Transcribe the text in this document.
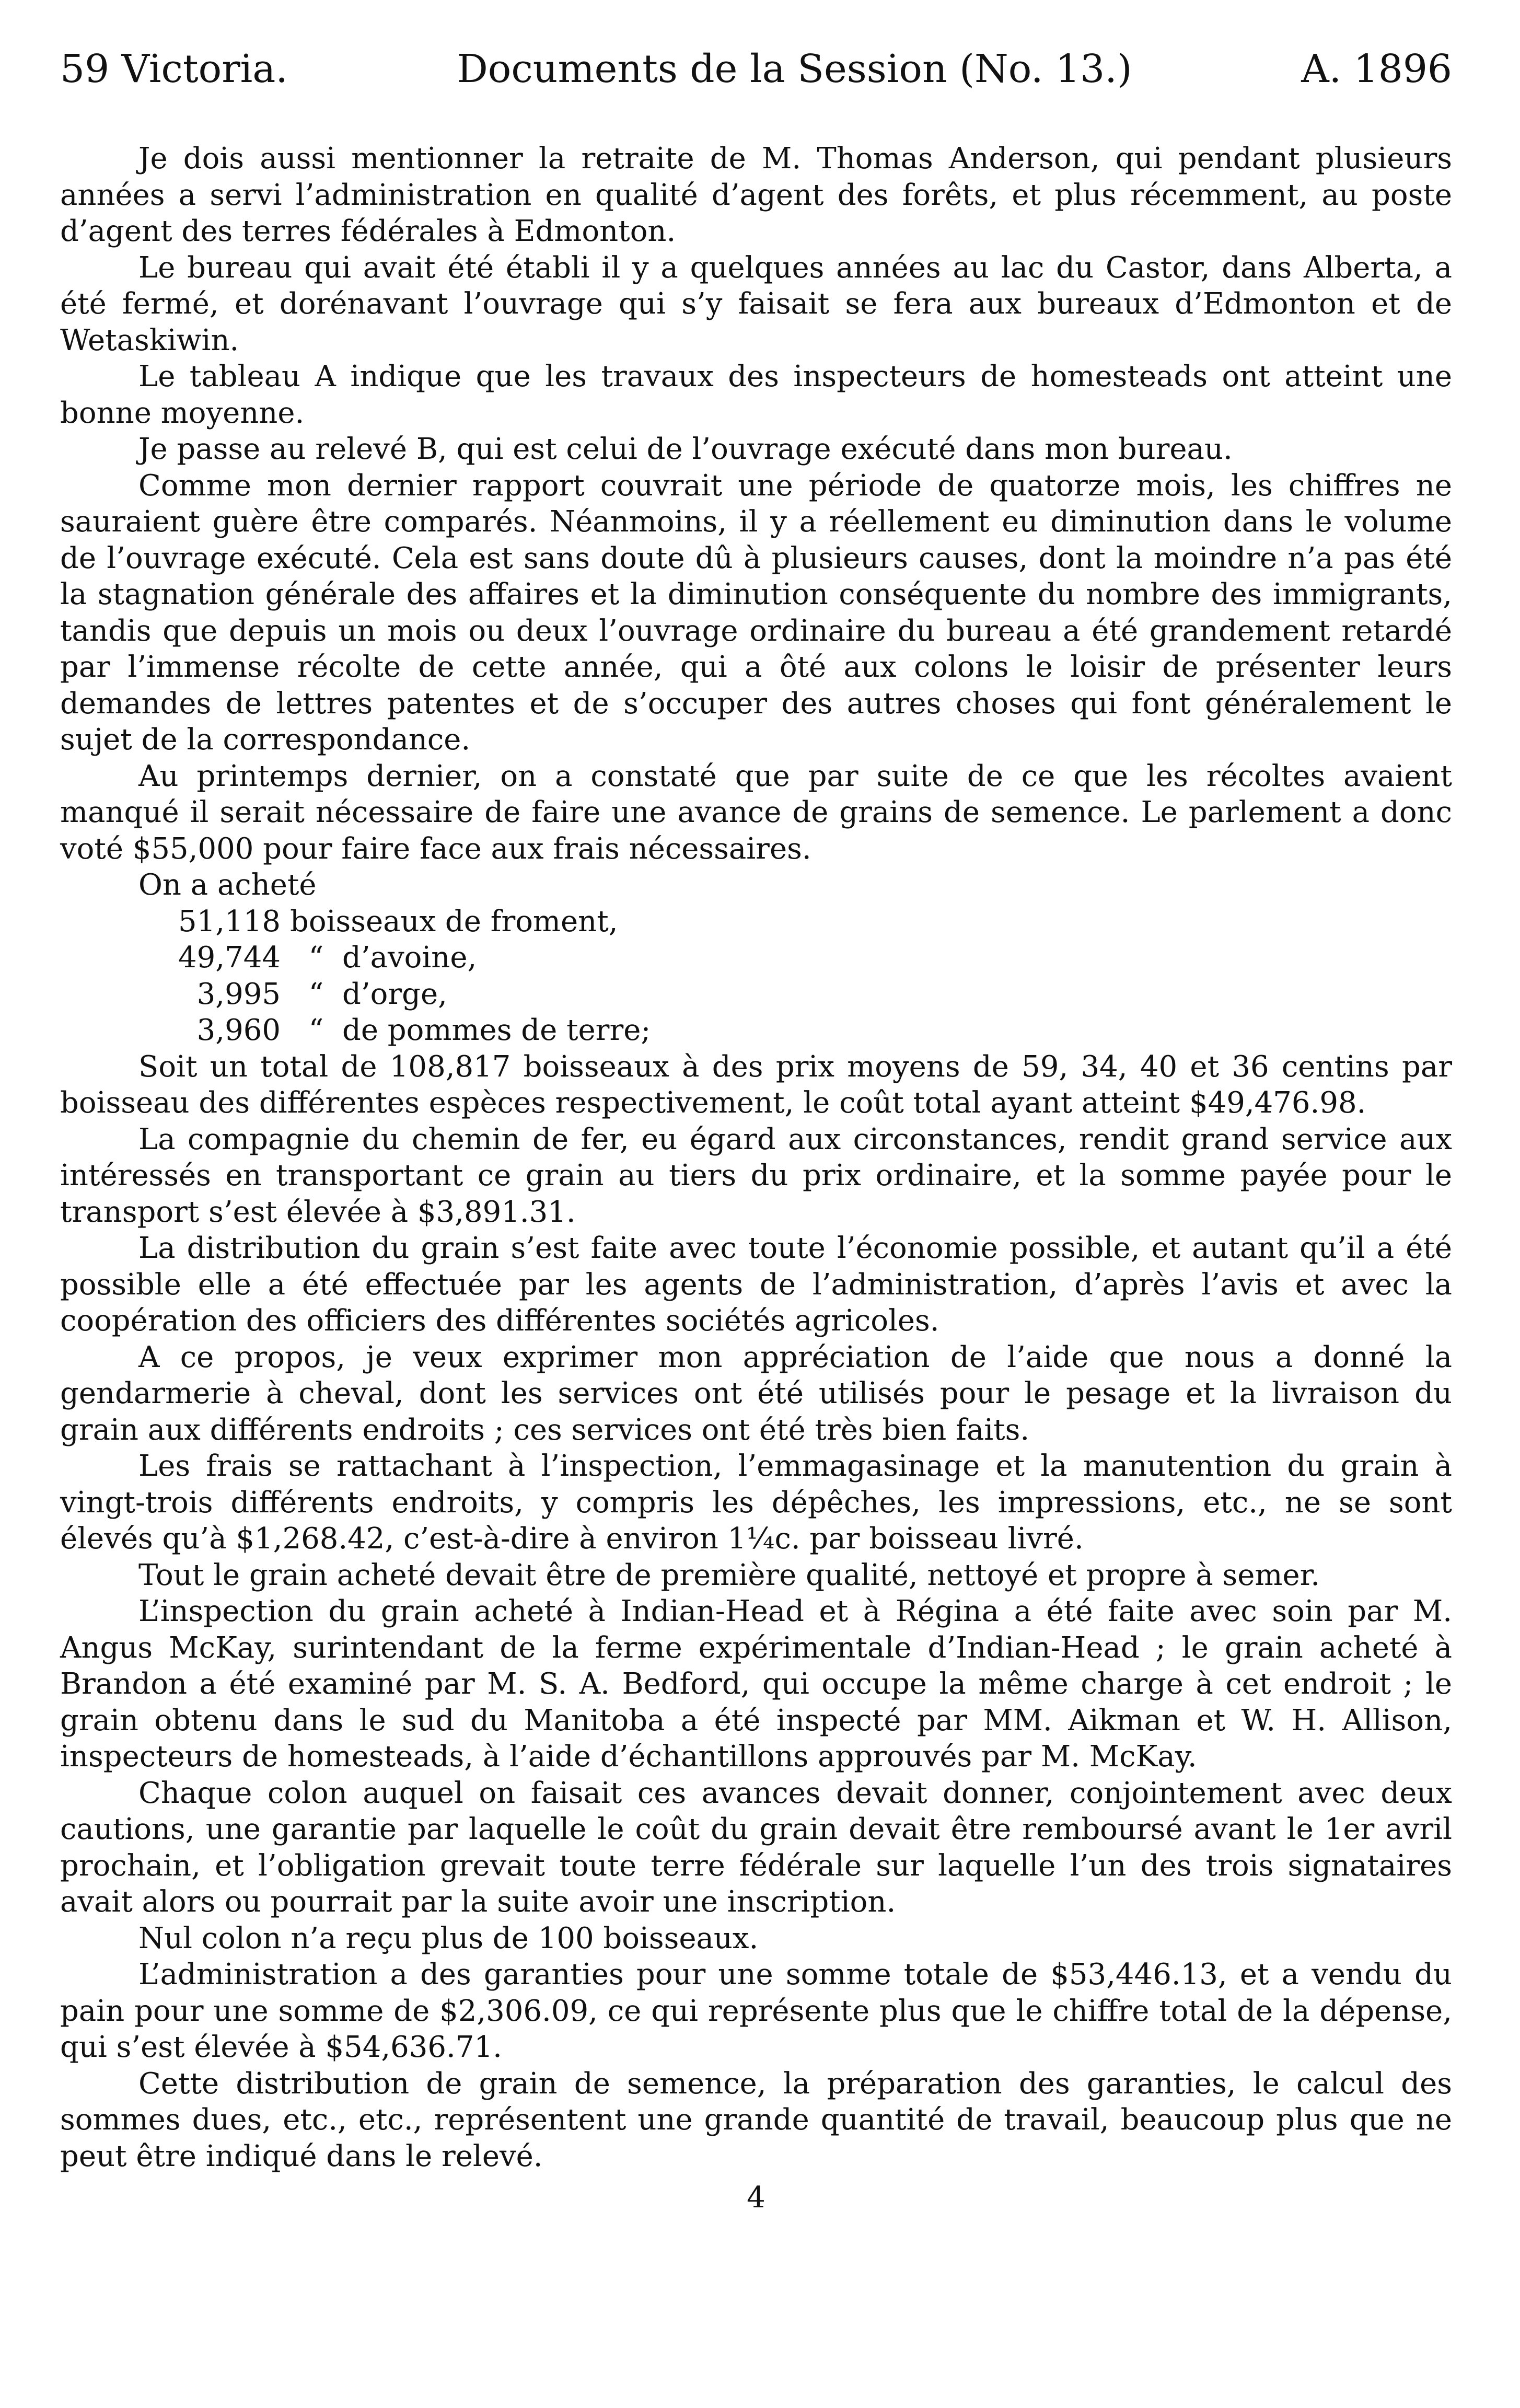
59 Victoria.	Documents de la Session (No. 13.)	A. 1896

Je dois aussi mentionner la retraite de M. Thomas Anderson, qui pendant plusieurs années a servi l’administration en qualité d’agent des forêts, et plus récemment, au poste d’agent des terres fédérales à Edmonton.

Le bureau qui avait été établi il y a quelques années au lac du Castor, dans Alberta, a été fermé, et dorénavant l’ouvrage qui s’y faisait se fera aux bureaux d’Edmonton et de Wetaskiwin.

Le tableau A indique que les travaux des inspecteurs de homesteads ont atteint une bonne moyenne.

Je passe au relevé B, qui est celui de l’ouvrage exécuté dans mon bureau.

Comme mon dernier rapport couvrait une période de quatorze mois, les chiffres ne sauraient guère être comparés. Néanmoins, il y a réellement eu diminution dans le volume de l’ouvrage exécuté. Cela est sans doute dû à plusieurs causes, dont la moindre n’a pas été la stagnation générale des affaires et la diminution conséquente du nombre des immigrants, tandis que depuis un mois ou deux l’ouvrage ordinaire du bureau a été grandement retardé par l’immense récolte de cette année, qui a ôté aux colons le loisir de présenter leurs demandes de lettres patentes et de s’occuper des autres choses qui font généralement le sujet de la correspondance.

Au printemps dernier, on a constaté que par suite de ce que les récoltes avaient manqué il serait nécessaire de faire une avance de grains de semence. Le parlement a donc voté $55,000 pour faire face aux frais nécessaires.

On a acheté
51,118 boisseaux de froment,
49,744 “ d’avoine,
3,995 “ d’orge,
3,960 “ de pommes de terre;

Soit un total de 108,817 boisseaux à des prix moyens de 59, 34, 40 et 36 centins par boisseau des différentes espèces respectivement, le coût total ayant atteint $49,476.98.

La compagnie du chemin de fer, eu égard aux circonstances, rendit grand service aux intéressés en transportant ce grain au tiers du prix ordinaire, et la somme payée pour le transport s’est élevée à $3,891.31.

La distribution du grain s’est faite avec toute l’économie possible, et autant qu’il a été possible elle a été effectuée par les agents de l’administration, d’après l’avis et avec la coopération des officiers des différentes sociétés agricoles.

A ce propos, je veux exprimer mon appréciation de l’aide que nous a donné la gendarmerie à cheval, dont les services ont été utilisés pour le pesage et la livraison du grain aux différents endroits ; ces services ont été très bien faits.

Les frais se rattachant à l’inspection, l’emmagasinage et la manutention du grain à vingt-trois différents endroits, y compris les dépêches, les impressions, etc., ne se sont élevés qu’à $1,268.42, c’est-à-dire à environ 1¼c. par boisseau livré.

Tout le grain acheté devait être de première qualité, nettoyé et propre à semer.

L’inspection du grain acheté à Indian-Head et à Régina a été faite avec soin par M. Angus McKay, surintendant de la ferme expérimentale d’Indian-Head ; le grain acheté à Brandon a été examiné par M. S. A. Bedford, qui occupe la même charge à cet endroit ; le grain obtenu dans le sud du Manitoba a été inspecté par MM. Aikman et W. H. Allison, inspecteurs de homesteads, à l’aide d’échantillons approuvés par M. McKay.

Chaque colon auquel on faisait ces avances devait donner, conjointement avec deux cautions, une garantie par laquelle le coût du grain devait être remboursé avant le 1er avril prochain, et l’obligation grevait toute terre fédérale sur laquelle l’un des trois signataires avait alors ou pourrait par la suite avoir une inscription.

Nul colon n’a reçu plus de 100 boisseaux.

L’administration a des garanties pour une somme totale de $53,446.13, et a vendu du pain pour une somme de $2,306.09, ce qui représente plus que le chiffre total de la dépense, qui s’est élevée à $54,636.71.

Cette distribution de grain de semence, la préparation des garanties, le calcul des sommes dues, etc., etc., représentent une grande quantité de travail, beaucoup plus que ne peut être indiqué dans le relevé.

4
